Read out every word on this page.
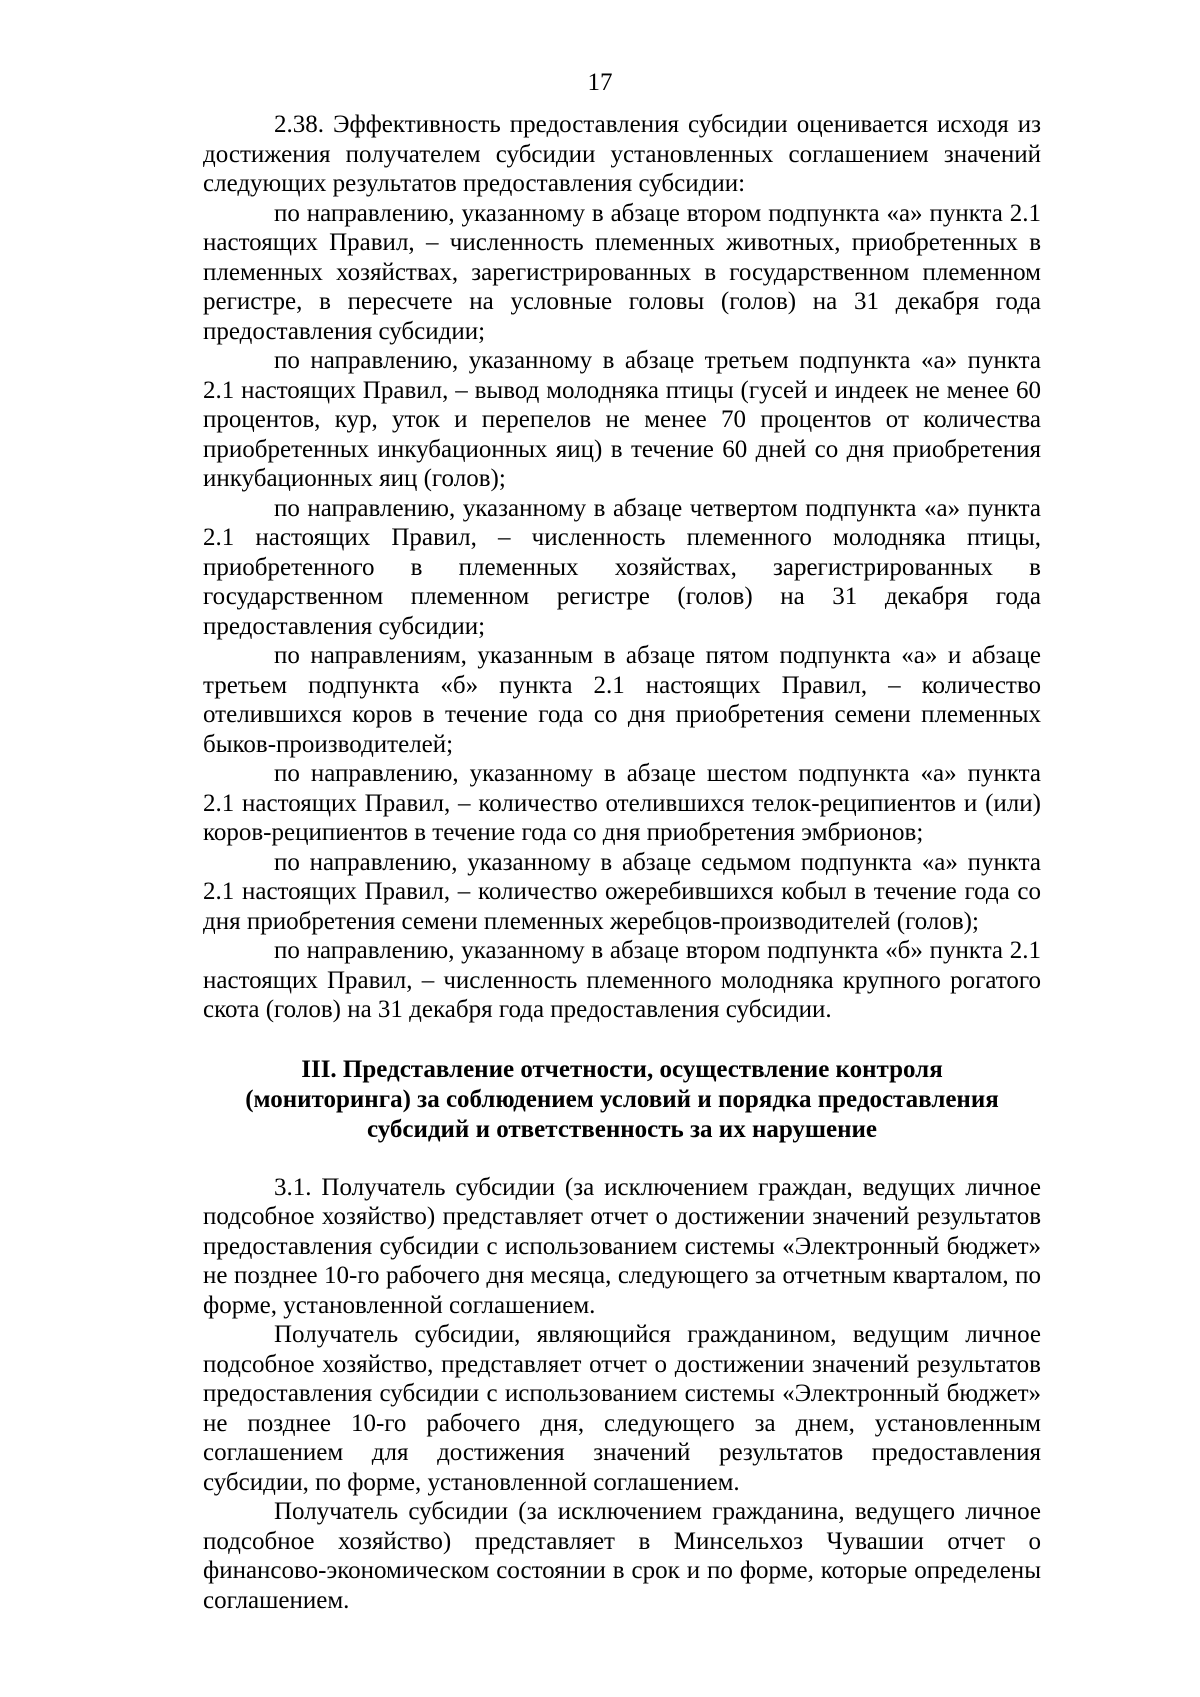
17

2.38. Эффективность предоставления субсидии оценивается исходя из достижения получателем субсидии установленных соглашением значений следующих результатов предоставления субсидии:

по направлению, указанному в абзаце втором подпункта «а» пункта 2.1 настоящих Правил, – численность племенных животных, приобретенных в племенных хозяйствах, зарегистрированных в государственном племенном регистре, в пересчете на условные головы (голов) на 31 декабря года предоставления субсидии;

по направлению, указанному в абзаце третьем подпункта «а» пункта 2.1 настоящих Правил, – вывод молодняка птицы (гусей и индеек не менее 60 процентов, кур, уток и перепелов не менее 70 процентов от количества приобретенных инкубационных яиц) в течение 60 дней со дня приобретения инкубационных яиц (голов);

по направлению, указанному в абзаце четвертом подпункта «а» пункта 2.1 настоящих Правил, – численность племенного молодняка птицы, приобретенного в племенных хозяйствах, зарегистрированных в государственном племенном регистре (голов) на 31 декабря года предоставления субсидии;

по направлениям, указанным в абзаце пятом подпункта «а» и абзаце третьем подпункта «б» пункта 2.1 настоящих Правил, – количество отелившихся коров в течение года со дня приобретения семени племенных быков-производителей;

по направлению, указанному в абзаце шестом подпункта «а» пункта 2.1 настоящих Правил, – количество отелившихся телок-реципиентов и (или) коров-реципиентов в течение года со дня приобретения эмбрионов;

по направлению, указанному в абзаце седьмом подпункта «а» пункта 2.1 настоящих Правил, – количество ожеребившихся кобыл в течение года со дня приобретения семени племенных жеребцов-производителей (голов);

по направлению, указанному в абзаце втором подпункта «б» пункта 2.1 настоящих Правил, – численность племенного молодняка крупного рогатого скота (голов) на 31 декабря года предоставления субсидии.

III. Представление отчетности, осуществление контроля
(мониторинга) за соблюдением условий и порядка предоставления
субсидий и ответственность за их нарушение

3.1. Получатель субсидии (за исключением граждан, ведущих личное подсобное хозяйство) представляет отчет о достижении значений результатов предоставления субсидии с использованием системы «Электронный бюджет» не позднее 10-го рабочего дня месяца, следующего за отчетным кварталом, по форме, установленной соглашением.

Получатель субсидии, являющийся гражданином, ведущим личное подсобное хозяйство, представляет отчет о достижении значений результатов предоставления субсидии с использованием системы «Электронный бюджет» не позднее 10-го рабочего дня, следующего за днем, установленным соглашением для достижения значений результатов предоставления субсидии, по форме, установленной соглашением.

Получатель субсидии (за исключением гражданина, ведущего личное подсобное хозяйство) представляет в Минсельхоз Чувашии отчет о финансово-экономическом состоянии в срок и по форме, которые определены соглашением.
